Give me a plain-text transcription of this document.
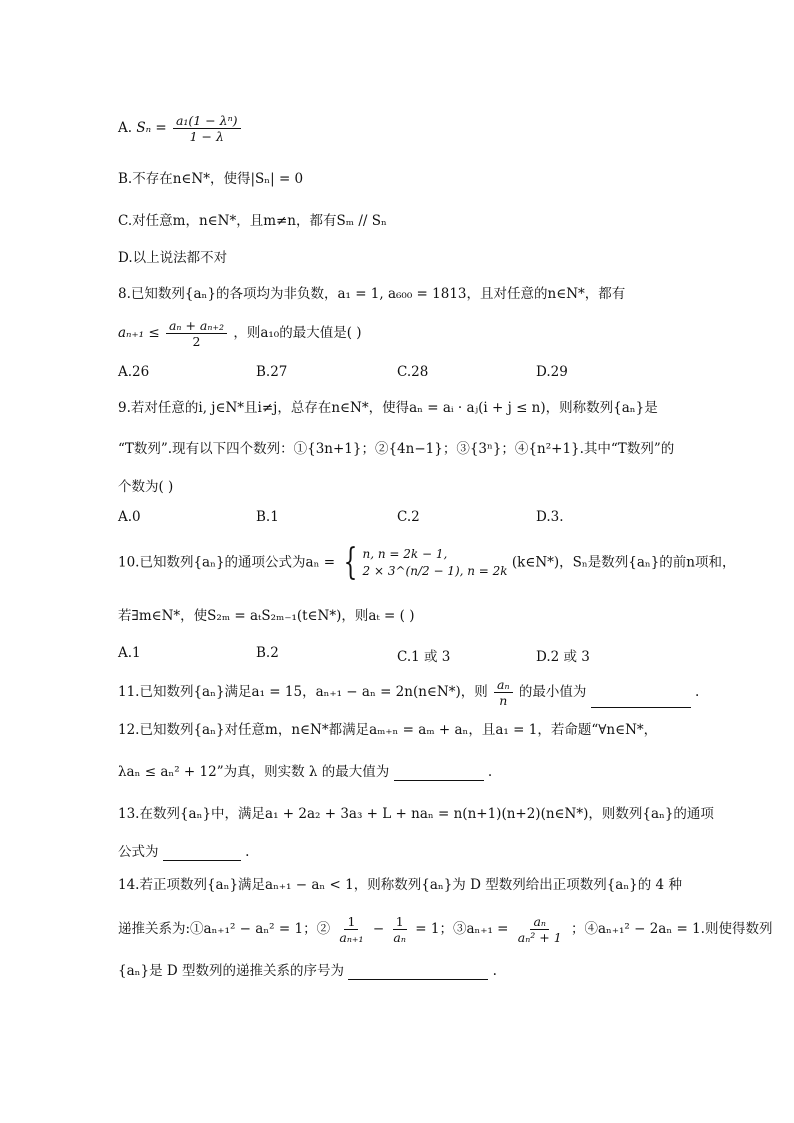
A. $S_n = \frac{\text{a₁(1 − λⁿ)}}{1 - \lambda}$
B.不存在n∈N*，使得|Sₙ| = 0
C.对任意m，n∈N*，且m≠n，都有Sₘ // Sₙ
D.以上说法都不对
8.已知数列{aₙ}的各项均为非负数，a₁ = 1, a₆₀₀ = 1813，且对任意的n∈N*，都有
$a_{n+1} \le \frac{\text{aₙ + aₙ₊₂}}{2}$ ，则a₁₀的最大值是( )
A.26	B.27	C.28	D.29
9.若对任意的i, j∈N*且i≠j，总存在n∈N*，使得aₙ = aᵢ · aⱼ(i + j ≤ n)，则称数列{aₙ}是
“T数列”.现有以下四个数列：①{3n+1}；②{4n−1}；③{3ⁿ}；④{n²+1}.其中“T数列”的
个数为( )
A.0	B.1	C.2	D.3.
10.已知数列{aₙ}的通项公式为aₙ = { n, n = 2k − 1,
2 × 3^(n/2 − 1), n = 2k
(k∈N*)，Sₙ是数列{aₙ}的前n项和，
若∃m∈N*，使S₂ₘ = aₜS₂ₘ₋₁(t∈N*)，则aₜ = ( )
A.1	B.2	C.1 或 3	D.2 或 3
11.已知数列{aₙ}满足a₁ = 15，aₙ₊₁ − aₙ = 2n(n∈N*)，则 $\frac{\text{aₙ}}{n}$ 的最小值为	.
12.已知数列{aₙ}对任意m，n∈N*都满足aₘ₊ₙ = aₘ + aₙ，且a₁ = 1，若命题“∀n∈N*，
λaₙ ≤ aₙ² + 12”为真，则实数 λ 的最大值为	.
13.在数列{aₙ}中，满足a₁ + 2a₂ + 3a₃ + L + naₙ = n(n+1)(n+2)(n∈N*)，则数列{aₙ}的通项
公式为	.
14.若正项数列{aₙ}满足aₙ₊₁ − aₙ < 1，则称数列{aₙ}为 D 型数列给出正项数列{aₙ}的 4 种
递推关系为:①aₙ₊₁² − aₙ² = 1；② $\frac{1}{\text{aₙ₊₁}} - \frac{1}{\text{aₙ}} = 1$；③aₙ₊₁ = $\frac{\text{aₙ}}{\text{aₙ² + 1}}$ ；④aₙ₊₁² − 2aₙ = 1.则使得数列
{aₙ}是 D 型数列的递推关系的序号为	.
